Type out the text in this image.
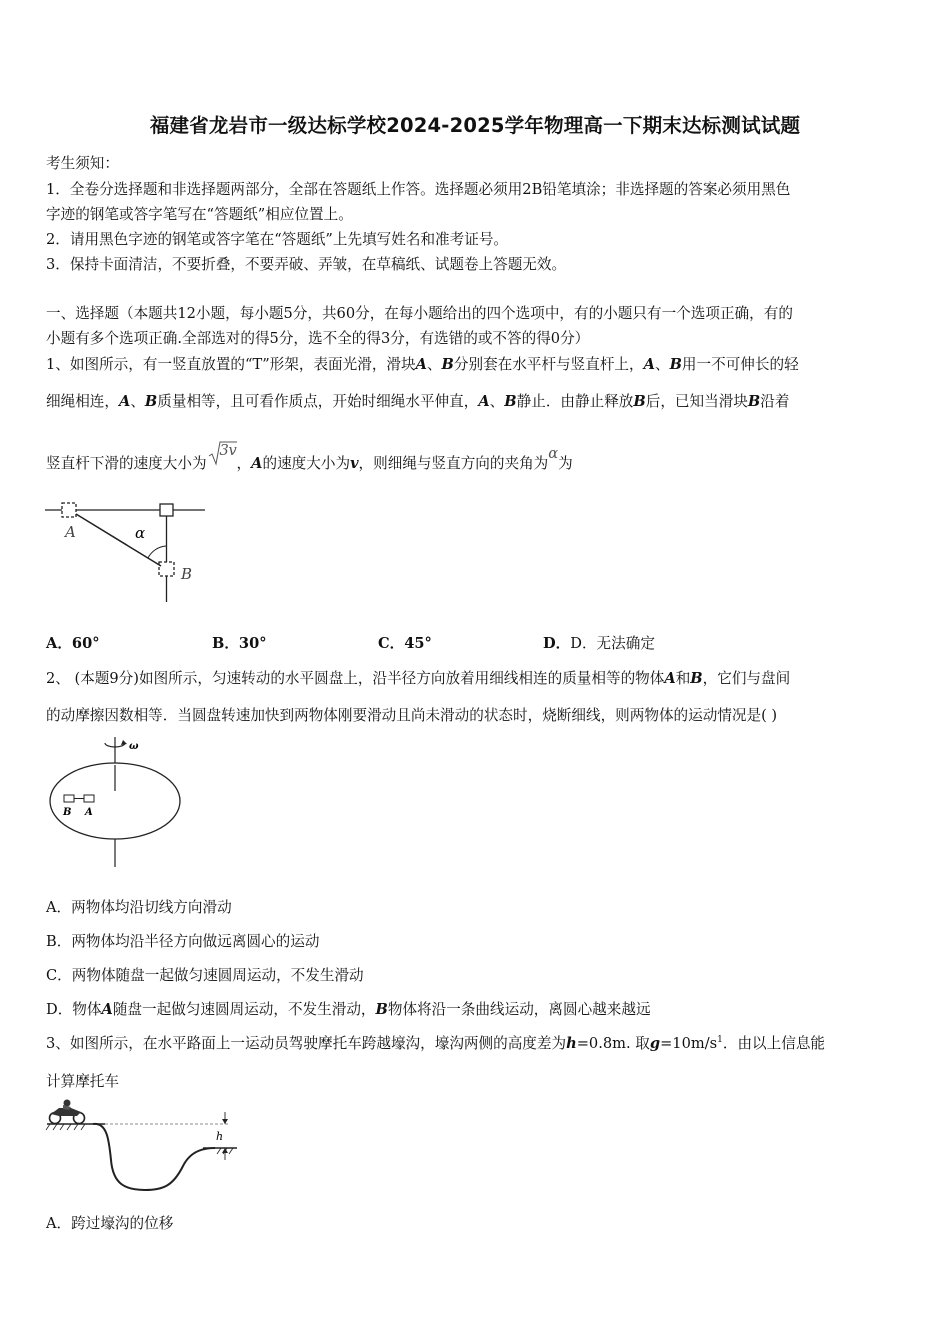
福建省龙岩市一级达标学校2024-2025学年物理高一下期末达标测试试题
考生须知：
1．全卷分选择题和非选择题两部分，全部在答题纸上作答。选择题必须用2B铅笔填涂；非选择题的答案必须用黑色
字迹的钢笔或答字笔写在“答题纸”相应位置上。
2．请用黑色字迹的钢笔或答字笔在“答题纸”上先填写姓名和准考证号。
3．保持卡面清洁，不要折叠，不要弄破、弄皱，在草稿纸、试题卷上答题无效。
一、选择题（本题共12小题，每小题5分，共60分，在每小题给出的四个选项中，有的小题只有一个选项正确，有的
小题有多个选项正确.全部选对的得5分，选不全的得3分，有选错的或不答的得0分）
1、如图所示，有一竖直放置的“T”形架，表面光滑，滑块A、B分别套在水平杆与竖直杆上，A、B用一不可伸长的轻
细绳相连，A、B质量相等，且可看作质点，开始时细绳水平伸直，A、B静止．由静止释放B后，已知当滑块B沿着
竖直杆下滑的速度大小为
3 v
，A的速度大小为v，则细绳与竖直方向的夹角为α为
α
A
B
A．60°	B．30°	C．45°	D．D．无法确定
2、 (本题9分)如图所示，匀速转动的水平圆盘上，沿半径方向放着用细线相连的质量相等的物体A和B，它们与盘间
的动摩擦因数相等．当圆盘转速加快到两物体刚要滑动且尚未滑动的状态时，烧断细线，则两物体的运动情况是( )
ω
B A
A．两物体均沿切线方向滑动
B．两物体均沿半径方向做远离圆心的运动
C．两物体随盘一起做匀速圆周运动，不发生滑动
D．物体A随盘一起做匀速圆周运动，不发生滑动，B物体将沿一条曲线运动，离圆心越来越远
3、如图所示，在水平路面上一运动员驾驶摩托车跨越壕沟，壕沟两侧的高度差为h=0.8m. 取$g=10m/s^1$．由以上信息能
计算摩托车
h
A．跨过壕沟的位移
